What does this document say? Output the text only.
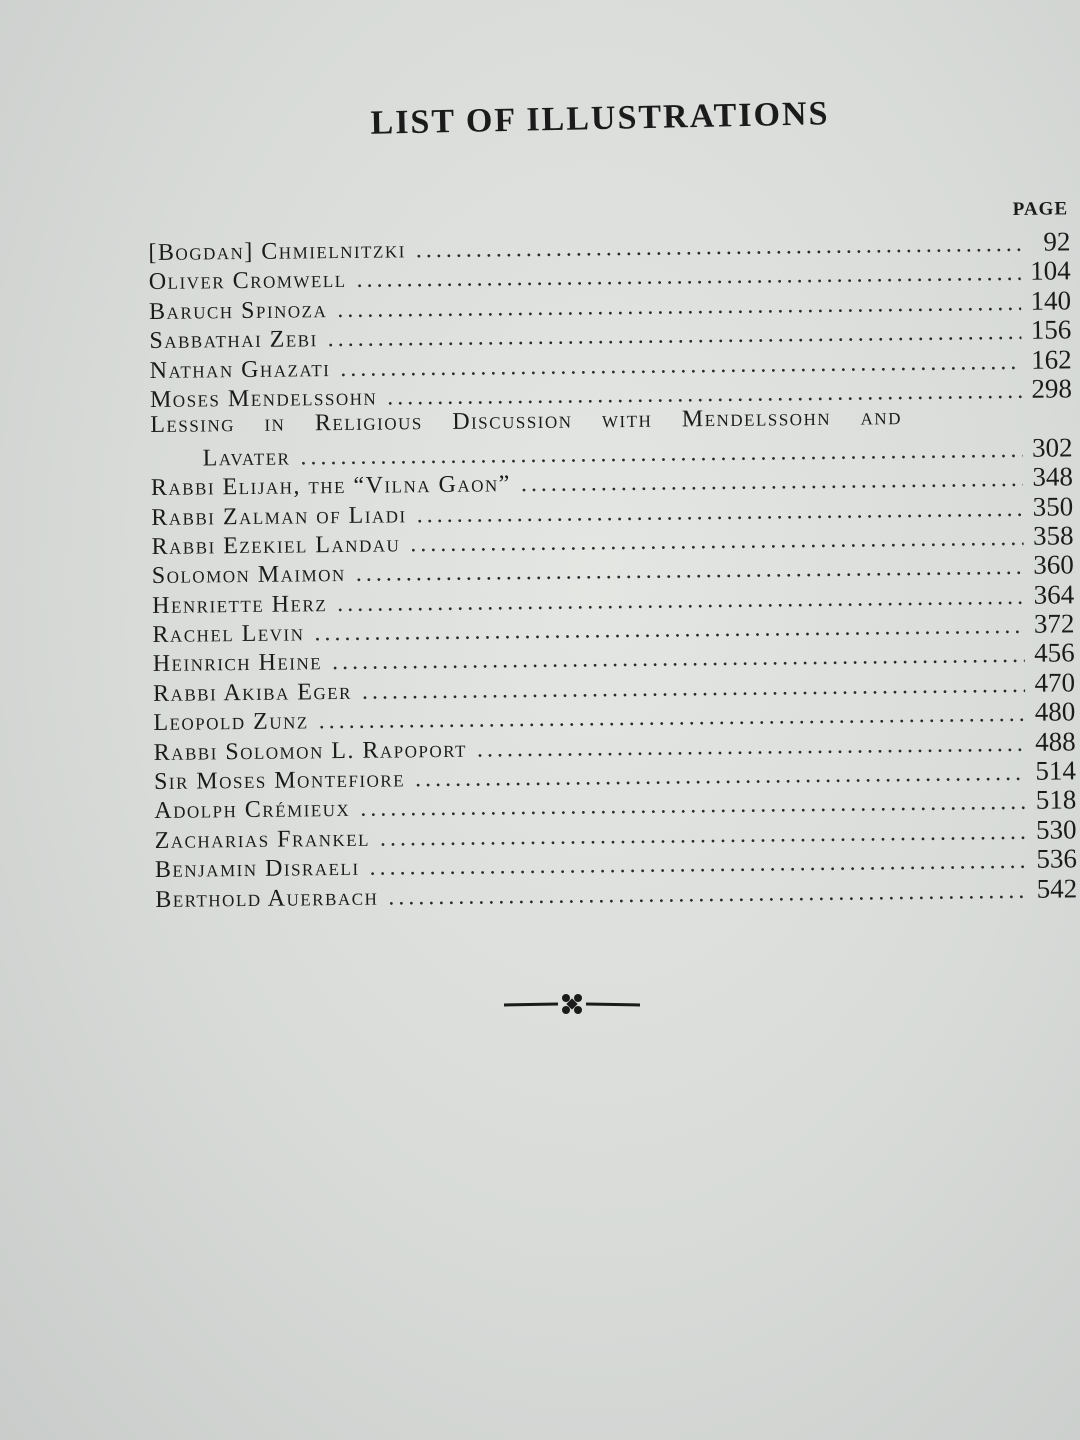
LIST OF ILLUSTRATIONS
PAGE
[Bogdan] Chmielnitzki .....	92
Oliver Cromwell .....	104
Baruch Spinoza .....	140
Sabbathai Zebi .....	156
Nathan Ghazati .....	162
Moses Mendelssohn .....	298
Lessing in Religious Discussion with Mendelssohn and
Lavater .....	302
Rabbi Elijah, the “Vilna Gaon” .....	348
Rabbi Zalman of Liadi .....	350
Rabbi Ezekiel Landau .....	358
Solomon Maimon .....	360
Henriette Herz .....	364
Rachel Levin .....	372
Heinrich Heine .....	456
Rabbi Akiba Eger .....	470
Leopold Zunz .....	480
Rabbi Solomon L. Rapoport .....	488
Sir Moses Montefiore .....	514
Adolph Crémieux .....	518
Zacharias Frankel .....	530
Benjamin Disraeli .....	536
Berthold Auerbach .....	542
